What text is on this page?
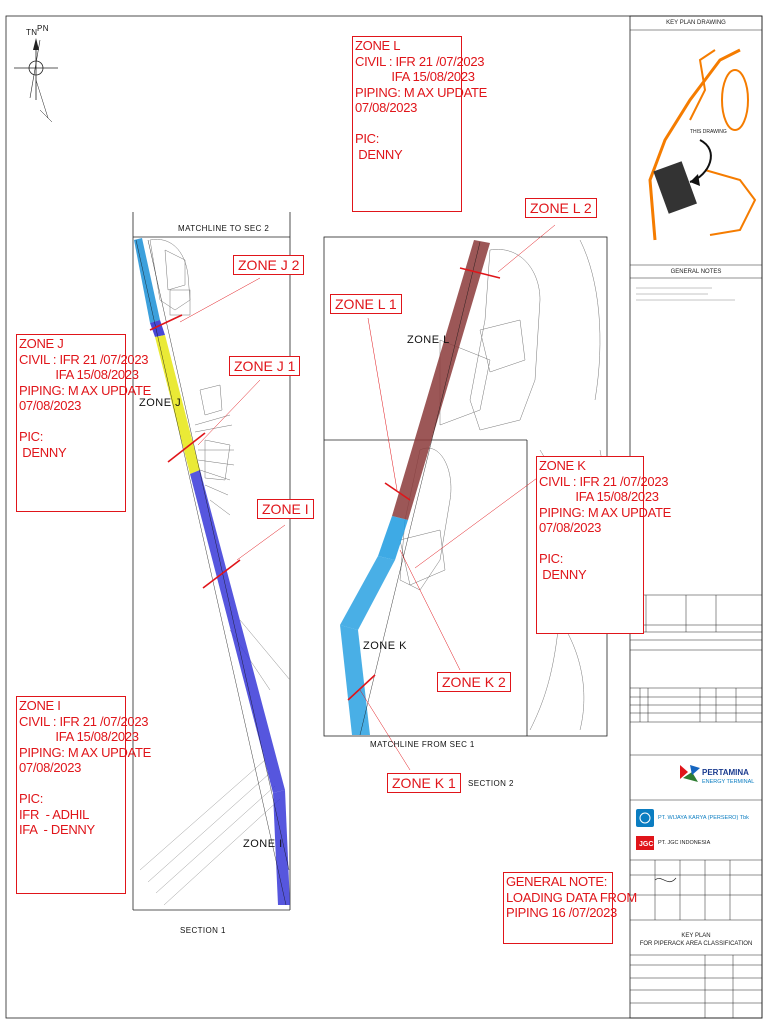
THIS DRAWING
JGC
TN PN
MATCHLINE TO SEC 2
MATCHLINE FROM SEC 1
SECTION 1
SECTION 2
ZONE J
ZONE I
ZONE L
ZONE K
ZONE J 2
ZONE J 1
ZONE I
ZONE L 1
ZONE L 2
ZONE K 2
ZONE K 1
ZONE L
CIVIL : IFR 21 /07/2023
IFA 15/08/2023
PIPING: M AX UPDATE
07/08/2023

PIC:
DENNY
ZONE J
CIVIL : IFR 21 /07/2023
IFA 15/08/2023
PIPING: M AX UPDATE
07/08/2023

PIC:
DENNY
ZONE K
CIVIL : IFR 21 /07/2023
IFA 15/08/2023
PIPING: M AX UPDATE
07/08/2023

PIC:
DENNY
ZONE I
CIVIL : IFR 21 /07/2023
IFA 15/08/2023
PIPING: M AX UPDATE
07/08/2023

PIC:
IFR  - ADHIL
IFA  - DENNY
GENERAL NOTE:
LOADING DATA FROM
PIPING 16 /07/2023
KEY PLAN DRAWING
GENERAL NOTES
PERTAMINA
ENERGY TERMINAL
PT. WIJAYA KARYA (PERSERO) Tbk
PT. JGC INDONESIA
KEY PLAN
FOR PIPERACK AREA CLASSIFICATION
